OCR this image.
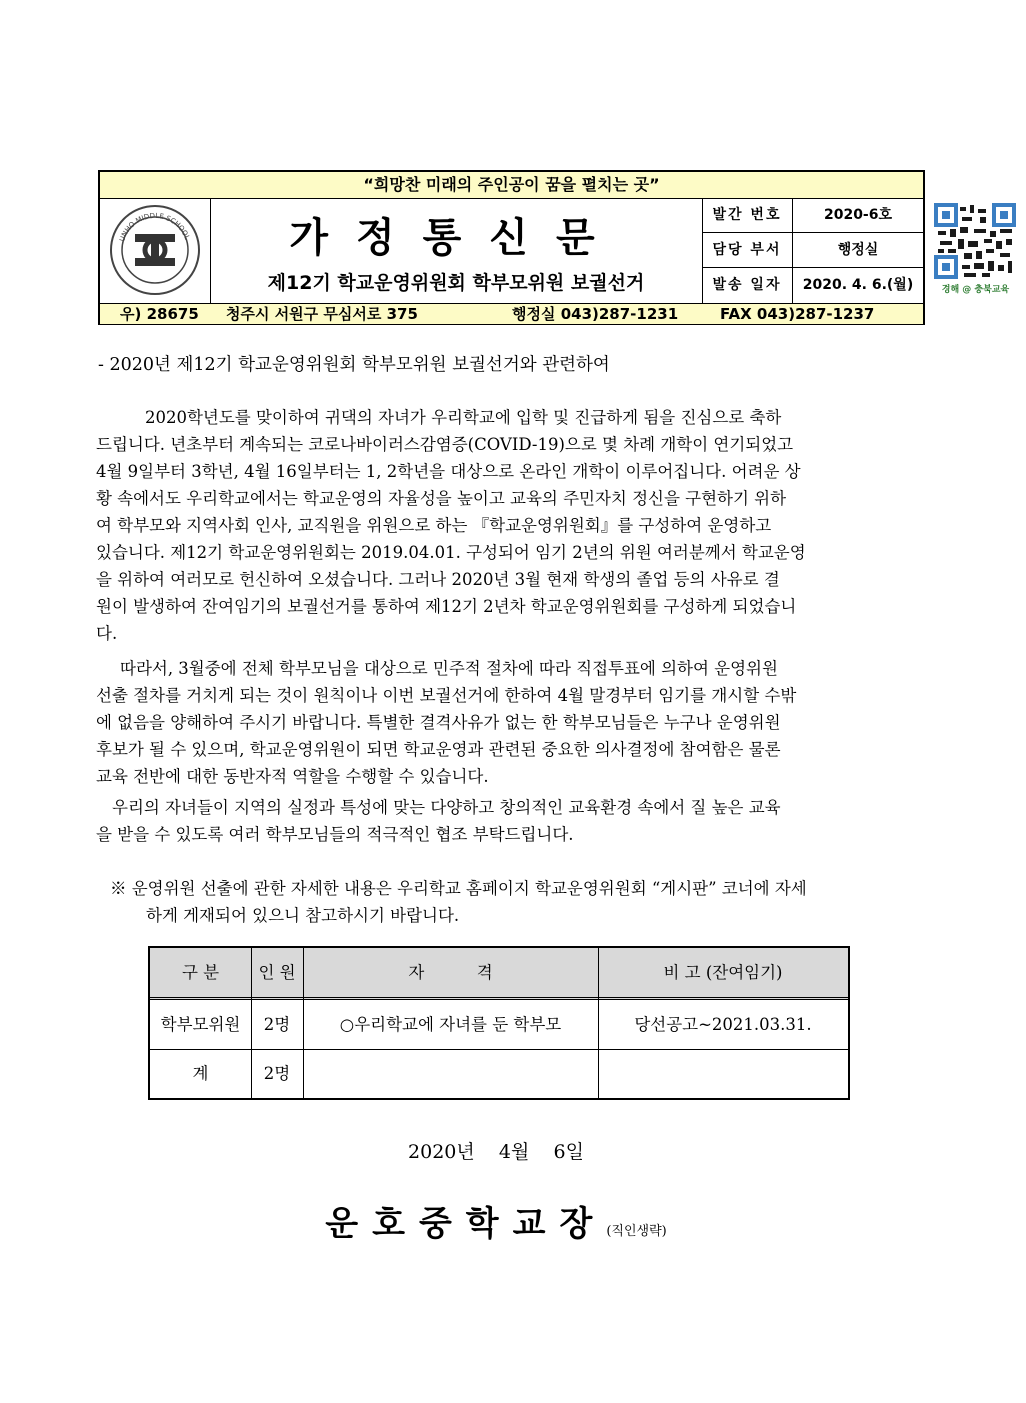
“희망찬 미래의 주인공이 꿈을 펼치는 곳”
UNHO MIDDLE SCHOOL	가정통신문
제12기 학교운영위원회 학부모위원 보궐선거
발간 번호	2020-6호
담당 부서	행정실
발송 일자	2020. 4. 6.(월)	경해 @ 충북교육
우) 28675 청주시 서원구 무심서로 375	행정실 043)287-1231	FAX 043)287-1237
- 2020년 제12기 학교운영위원회 학부모위원 보궐선거와 관련하여
2020학년도를 맞이하여 귀댁의 자녀가 우리학교에 입학 및 진급하게 됨을 진심으로 축하
드립니다. 년초부터 계속되는 코로나바이러스감염증(COVID-19)으로 몇 차례 개학이 연기되었고
4월 9일부터 3학년, 4월 16일부터는 1, 2학년을 대상으로 온라인 개학이 이루어집니다. 어려운 상
황 속에서도 우리학교에서는 학교운영의 자율성을 높이고 교육의 주민자치 정신을 구현하기 위하
여 학부모와 지역사회 인사, 교직원을 위원으로 하는 『학교운영위원회』를 구성하여 운영하고
있습니다. 제12기 학교운영위원회는 2019.04.01. 구성되어 임기 2년의 위원 여러분께서 학교운영
을 위하여 여러모로 헌신하여 오셨습니다. 그러나 2020년 3월 현재 학생의 졸업 등의 사유로 결
원이 발생하여 잔여임기의 보궐선거를 통하여 제12기 2년차 학교운영위원회를 구성하게 되었습니
다.
따라서, 3월중에 전체 학부모님을 대상으로 민주적 절차에 따라 직접투표에 의하여 운영위원
선출 절차를 거치게 되는 것이 원칙이나 이번 보궐선거에 한하여 4월 말경부터 임기를 개시할 수밖
에 없음을 양해하여 주시기 바랍니다. 특별한 결격사유가 없는 한 학부모님들은 누구나 운영위원
후보가 될 수 있으며, 학교운영위원이 되면 학교운영과 관련된 중요한 의사결정에 참여함은 물론
교육 전반에 대한 동반자적 역할을 수행할 수 있습니다.
우리의 자녀들이 지역의 실정과 특성에 맞는 다양하고 창의적인 교육환경 속에서 질 높은 교육
을 받을 수 있도록 여러 학부모님들의 적극적인 협조 부탁드립니다.
※ 운영위원 선출에 관한 자세한 내용은 우리학교 홈페이지 학교운영위원회 “게시판” 코너에 자세
하게 게재되어 있으니 참고하시기 바랍니다.
구 분	인 원	자          격	비 고 (잔여임기)
학부모위원	2명	○우리학교에 자녀를 둔 학부모	당선공고~2021.03.31.
계	2명
2020년    4월    6일
운호중학교장(직인생략)
